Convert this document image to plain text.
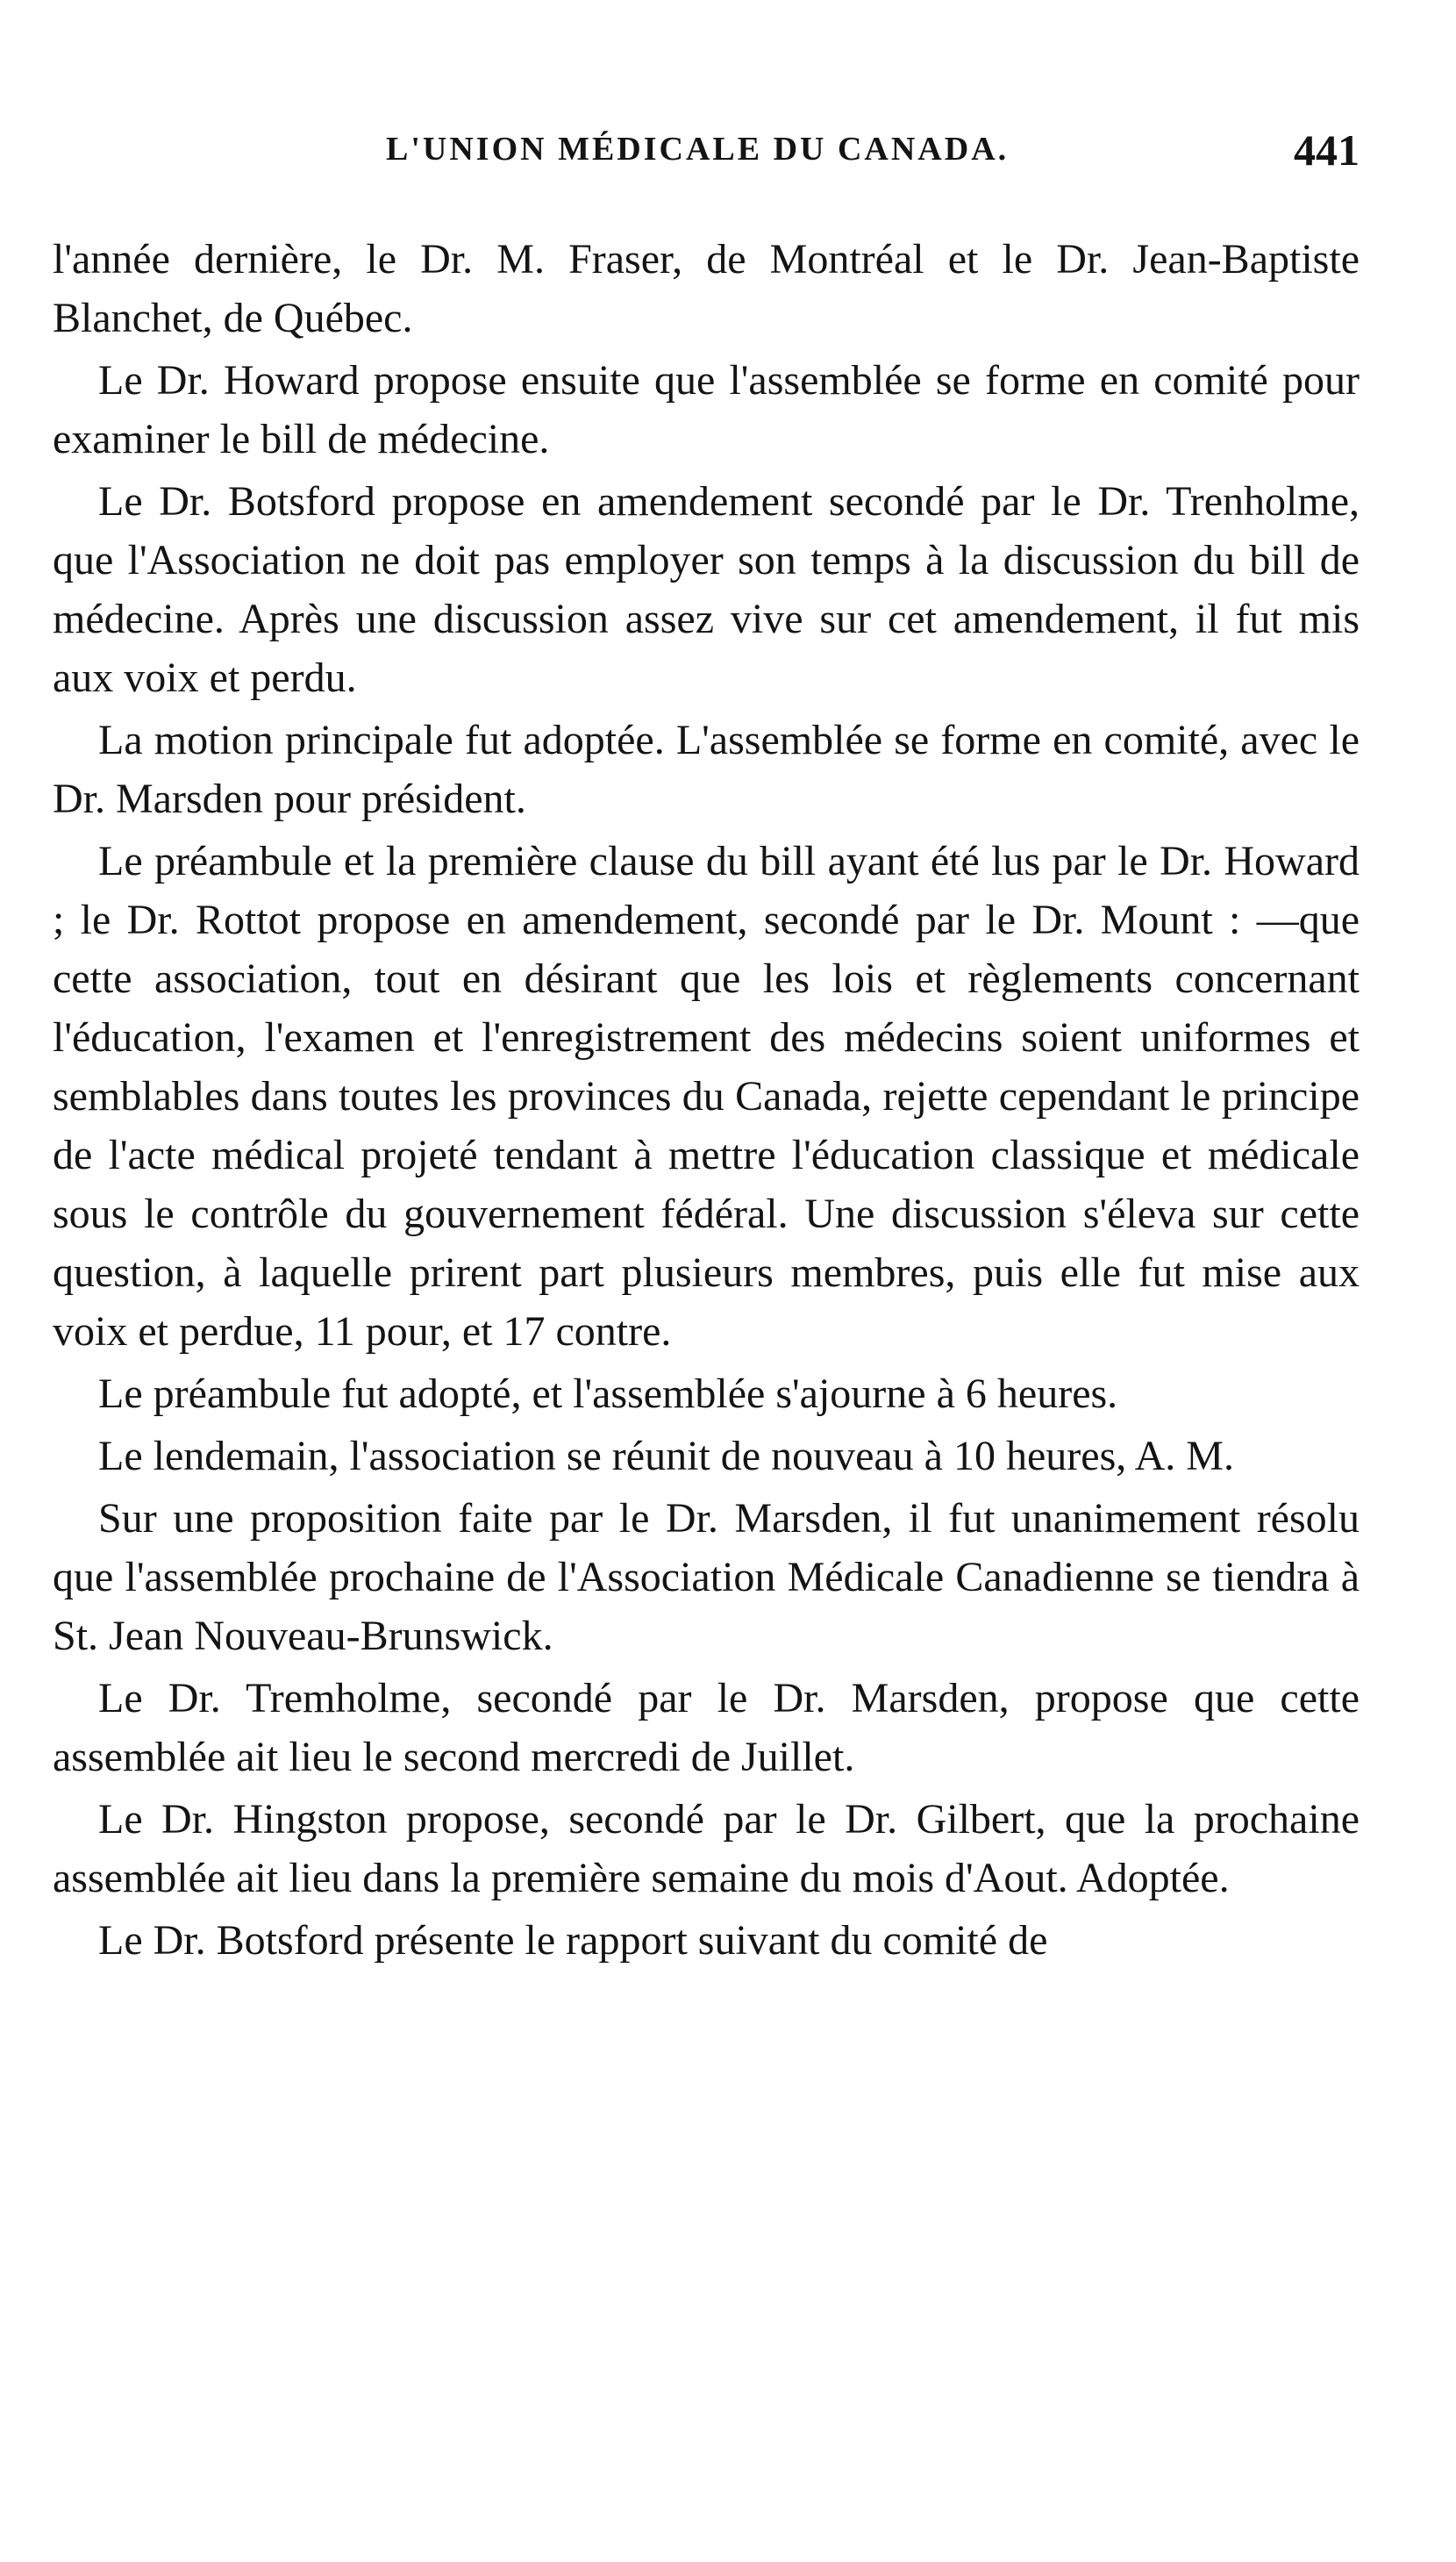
L'UNION MÉDICALE DU CANADA.	441

l'année dernière, le Dr. M. Fraser, de Montréal et le Dr. Jean-Baptiste Blanchet, de Québec.

Le Dr. Howard propose ensuite que l'assemblée se forme en comité pour examiner le bill de médecine.

Le Dr. Botsford propose en amendement secondé par le Dr. Trenholme, que l'Association ne doit pas employer son temps à la discussion du bill de médecine. Après une discussion assez vive sur cet amendement, il fut mis aux voix et perdu.

La motion principale fut adoptée. L'assemblée se forme en comité, avec le Dr. Marsden pour président.

Le préambule et la première clause du bill ayant été lus par le Dr. Howard ; le Dr. Rottot propose en amendement, secondé par le Dr. Mount : —que cette association, tout en désirant que les lois et règlements concernant l'éducation, l'examen et l'enregistrement des médecins soient uniformes et semblables dans toutes les provinces du Canada, rejette cependant le principe de l'acte médical projeté tendant à mettre l'éducation classique et médicale sous le contrôle du gouvernement fédéral. Une discussion s'éleva sur cette question, à laquelle prirent part plusieurs membres, puis elle fut mise aux voix et perdue, 11 pour, et 17 contre.

Le préambule fut adopté, et l'assemblée s'ajourne à 6 heures.

Le lendemain, l'association se réunit de nouveau à 10 heures, A. M.

Sur une proposition faite par le Dr. Marsden, il fut unanimement résolu que l'assemblée prochaine de l'Association Médicale Canadienne se tiendra à St. Jean Nouveau-Brunswick.

Le Dr. Tremholme, secondé par le Dr. Marsden, propose que cette assemblée ait lieu le second mercredi de Juillet.

Le Dr. Hingston propose, secondé par le Dr. Gilbert, que la prochaine assemblée ait lieu dans la première semaine du mois d'Aout. Adoptée.

Le Dr. Botsford présente le rapport suivant du comité de
